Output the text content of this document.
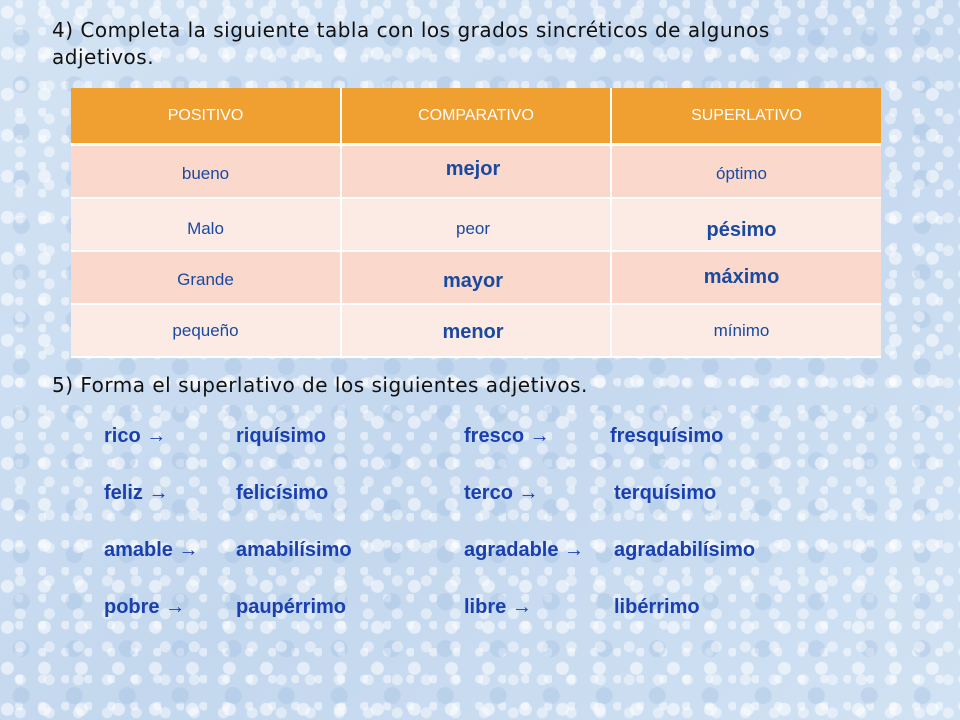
4) Completa la siguiente tabla con los grados sincréticos de algunos
adjetivos.
POSITIVO	COMPARATIVO	SUPERLATIVO

bueno	mejor	óptimo

Malo	peor	pésimo

Grande	mayor	máximo

pequeño	menor	mínimo
5) Forma el superlativo de los siguientes adjetivos.
rico →	riquísimo
feliz →	felicísimo
amable → amabilísimo
pobre →	paupérrimo
fresco →	fresquísimo
terco →	terquísimo
agradable → agradabilísimo
libre →	libérrimo
